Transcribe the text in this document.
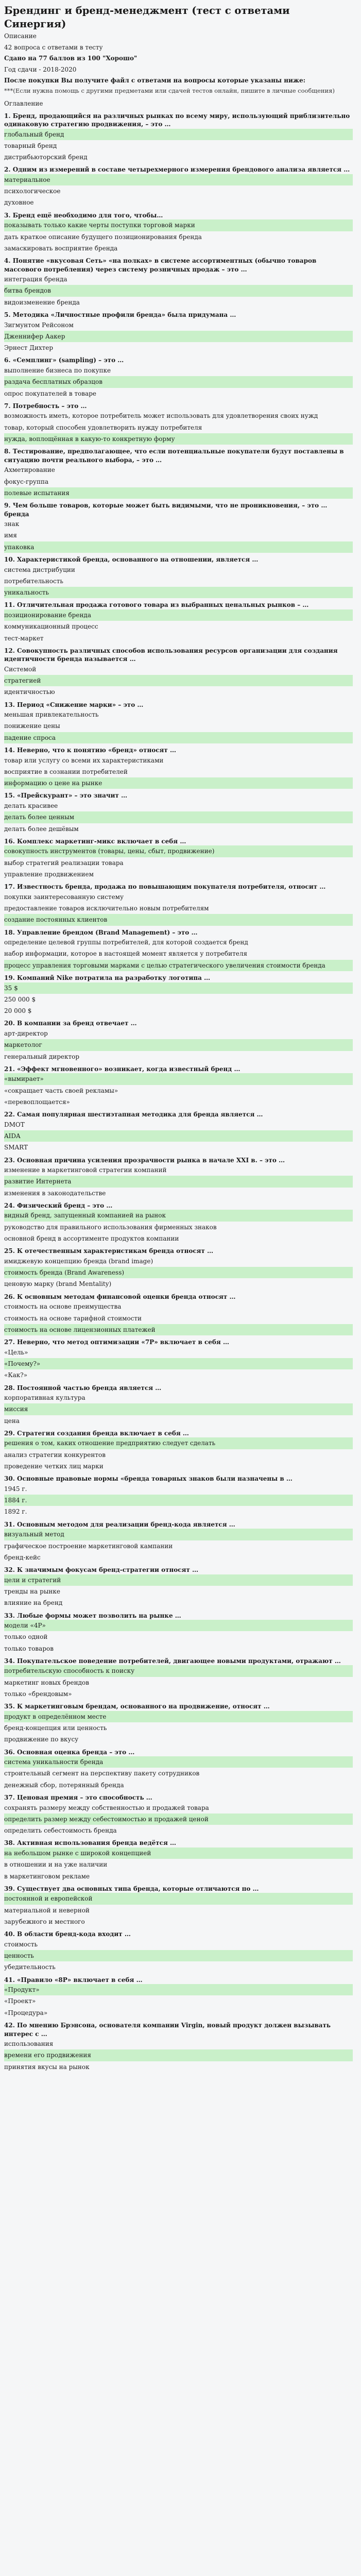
Брендинг и бренд-менеджмент (тест с ответами Синергия)

Описание

42 вопроса с ответами в тесту

Сдано на 77 баллов из 100 "Хорошо"

Год сдачи - 2018-2020

После покупки Вы получите файл с ответами на вопросы которые указаны ниже:

***(Если нужна помощь с другими предметами или сдачей тестов онлайн, пишите в личные сообщения)

Оглавление

1. Бренд, продающийся на различных рынках по всему миру, использующий приблизительно одинаковую стратегию продвижения, – это …

глобальный бренд

товарный бренд

дистрибьюторский бренд

2. Одним из измерений в составе четырехмерного измерения брендового анализа является …

материальное

психологическое

духовное

3. Бренд ещё необходимо для того, чтобы…

показывать только какие черты поступки торговой марки

дать краткое описание будущего позиционирования бренда

замаскировать восприятие бренда

4. Понятие «вкусовая Сеть» «на полках» в системе ассортиментных (обычно товаров массового потребления) через систему розничных продаж – это …

интеграция бренда

битва брендов

видоизменение бренда

5. Методика «Личностные профили бренда» была придумана …

Зигмунтом Рейсоном

Дженнифер Аакер

Эрнест Дихтер

6. «Семплинг» (sampling) – это …

выполнение бизнеса по покупке

раздача бесплатных образцов

опрос покупателей в товаре

7. Потребность – это …

возможность иметь, которое потребитель может использовать для удовлетворения своих нужд

товар, который способен удовлетворить нужду потребителя

нужда, воплощённая в какую-то конкретную форму

8. Тестирование, предполагающее, что если потенциальные покупатели будут поставлены в ситуацию почти реального выбора, – это …

Ахметирование

фокус-группа

полевые испытания

9. Чем больше товаров, которые может быть видимыми, что не проникновения, – это … бренда

знак

имя

упаковка

10. Характеристикой бренда, основанного на отношении, является …

система дистрибуции

потребительность

уникальность

11. Отличительная продажа готового товара из выбранных ценальных рынков – …

позиционирование бренда

коммуникационный процесс

тест-маркет

12. Совокупность различных способов использования ресурсов организации для создания идентичности бренда называется …

Системой

стратегией

идентичностью

13. Период «Снижение марки» – это …

меньшая привлекательность

понижение цены

падение спроса

14. Неверно, что к понятию «бренд» относят …

товар или услугу со всеми их характеристиками

восприятие в сознании потребителей

информацию о цене на рынке

15. «Прейскурант» – это значит …

делать красивее

делать более ценным

делать более дешёвым

16. Комплекс маркетинг-микс включает в себя …

совокупность инструментов (товары, цены, сбыт, продвижение)

выбор стратегий реализации товара

управление продвижением

17. Известность бренда, продажа по повышающим покупателя потребителя, относит …

покупки заинтересованную систему

предоставление товаров исключительно новым потребителям

создание постоянных клиентов

18. Управление брендом (Brand Management) – это …

определение целевой группы потребителей, для которой создается бренд

набор информации, которое в настоящей момент является у потребителя

процесс управления торговыми марками с целью стратегического увеличения стоимости бренда

19. Компаний Nike потратила на разработку логотипа …

35 $

250 000 $

20 000 $

20. В компании за бренд отвечает …

арт-директор

маркетолог

генеральный директор

21. «Эффект мгновенного» возникает, когда известный бренд …

«вымирает»

«сокращает часть своей рекламы»

«перевоплощается»

22. Самая популярная шестиэтапная методика для бренда является …

DMOT

AIDA

SMART

23. Основная причина усиления прозрачности рынка в начале XXI в. – это …

изменение в маркетинговой стратегии компаний

развитие Интернета

изменения в законодательстве

24. Физический бренд – это …

видный бренд, запущенный компанией на рынок

руководство для правильного использования фирменных знаков

основной бренд в ассортименте продуктов компании

25. К отечественным характеристикам бренда относят …

имиджевую концепцию бренда (brand image)

стоимость бренда (Brand Awareness)

ценовую марку (brand Mentality)

26. К основным методам финансовой оценки бренда относят …

стоимость на основе преимущества

стоимость на основе тарифной стоимости

стоимость на основе лицензионных платежей

27. Неверно, что метод оптимизации «7P» включает в себя …

«Цель»

«Почему?»

«Как?»

28. Постоянной частью бренда является …

корпоративная культура

миссия

цена

29. Стратегия создания бренда включает в себя …

решения о том, каких отношение предприятию следует сделать

анализ стратегии конкурентов

проведение четких лиц марки

30. Основные правовые нормы «бренда товарных знаков были назначены в …

1945 г.

1884 г.

1892 г.

31. Основным методом для реализации бренд-кода является …

визуальный метод

графическое построение маркетинговой кампании

бренд-кейс

32. К значимым фокусам бренд-стратегии относят …

цели и стратегий

тренды на рынке

влияние на бренд

33. Любые формы может позволить на рынке …

модели «4P»

только одной

только товаров

34. Покупательское поведение потребителей, двигающее новыми продуктами, отражают …

потребительскую способность к поиску

маркетинг новых брендов

только «брендовым»

35. К маркетинговым брендам, основанного на продвижение, относят …

продукт в определённом месте

бренд-концепция или ценность

продвижение по вкусу

36. Основная оценка бренда – это …

система уникальности бренда

строительный сегмент на перспективу пакету сотрудников

денежный сбор, потерянный бренда

37. Ценовая премия – это способность …

сохранять размеру между собственностью и продажей товара

определить размер между себестоимостью и продажей ценой

определить себестоимость бренда

38. Активная использования бренда ведётся …

на небольшом рынке с широкой концепцией

в отношении и на уже наличии

в маркетинговом рекламе

39. Существует два основных типа бренда, которые отличаются по …

постоянной и европейской

материальной и неверной

зарубежного и местного

40. В области бренд-кода входит …

стоимость

ценность

убедительность

41. «Правило «8P» включает в себя …

«Продукт»

«Проект»

«Процедура»

42. По мнению Брэнсона, основателя компании Virgin, новый продукт должен вызывать интерес с …

использования

времени его продвижения

принятия вкусы на рынок
